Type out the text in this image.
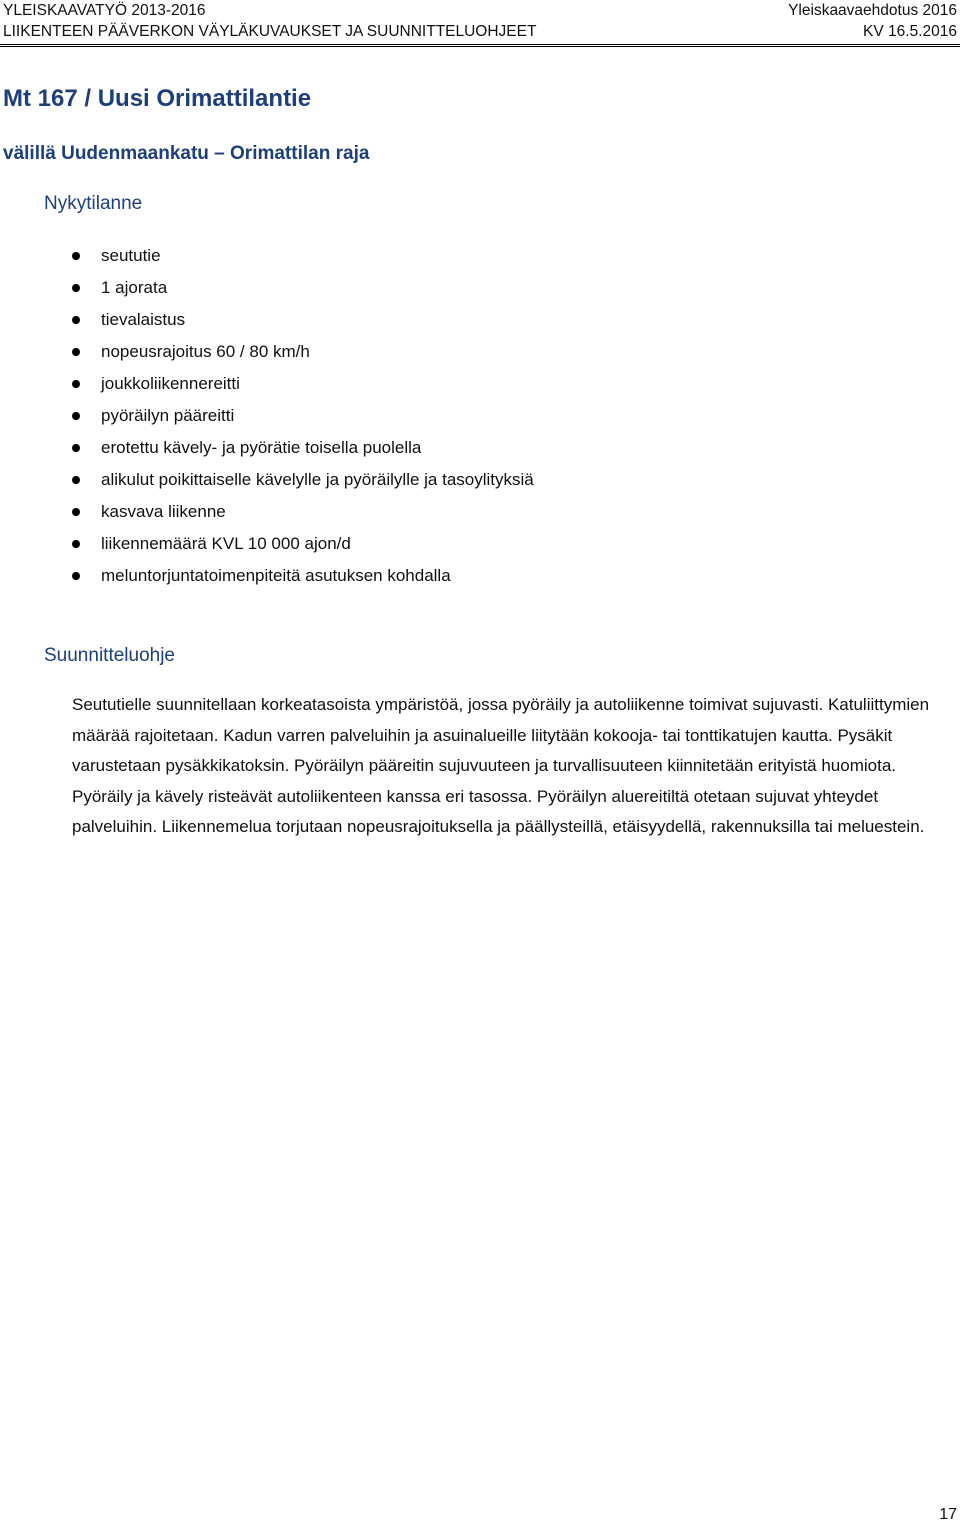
YLEISKAAVATYÖ 2013-2016	Yleiskaavaehdotus 2016
LIIKENTEEN PÄÄVERKON VÄYLÄKUVAUKSET JA SUUNNITTELUOHJEET	KV 16.5.2016
Mt 167 / Uusi Orimattilantie
välillä Uudenmaankatu – Orimattilan raja
Nykytilanne
seututie
1 ajorata
tievalaistus
nopeusrajoitus 60 / 80 km/h
joukkoliikennereitti
pyöräilyn pääreitti
erotettu kävely- ja pyörätie toisella puolella
alikulut poikittaiselle kävelylle ja pyöräilylle ja tasoylityksiä
kasvava liikenne
liikennemäärä KVL 10 000 ajon/d
meluntorjuntatoimenpiteitä asutuksen kohdalla
Suunnitteluohje

Seututielle suunnitellaan korkeatasoista ympäristöä, jossa pyöräily ja autoliikenne toimivat sujuvasti. Katuliittymien määrää rajoitetaan. Kadun varren palveluihin ja asuinalueille liitytään kokooja- tai tonttikatujen kautta. Pysäkit varustetaan pysäkkikatoksin. Pyöräilyn pääreitin sujuvuuteen ja turvallisuuteen kiinnitetään erityistä huomiota. Pyöräily ja kävely risteävät autoliikenteen kanssa eri tasossa. Pyöräilyn aluereitiltä otetaan sujuvat yhteydet palveluihin. Liikennemelua torjutaan nopeusrajoituksella ja päällysteillä, etäisyydellä, rakennuksilla tai meluestein.

17
